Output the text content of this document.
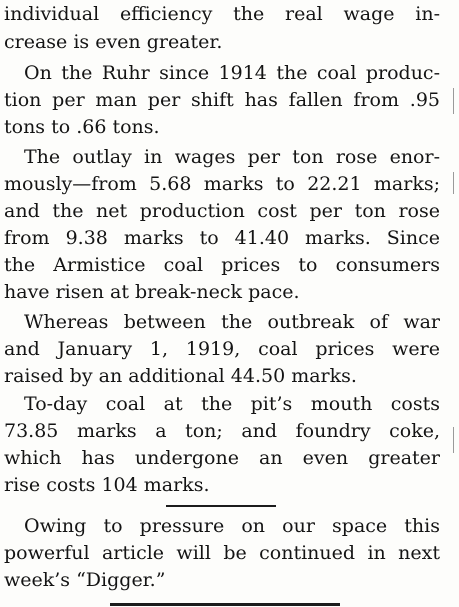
individual efficiency the real wage in-
crease is even greater.
On the Ruhr since 1914 the coal produc-
tion per man per shift has fallen from .95
tons to .66 tons.
The outlay in wages per ton rose enor-
mously—from 5.68 marks to 22.21 marks;
and the net production cost per ton rose
from 9.38 marks to 41.40 marks. Since
the Armistice coal prices to consumers
have risen at break-neck pace.
Whereas between the outbreak of war
and January 1, 1919, coal prices were
raised by an additional 44.50 marks.
To-day coal at the pit’s mouth costs
73.85 marks a ton; and foundry coke,
which has undergone an even greater
rise costs 104 marks.
Owing to pressure on our space this
powerful article will be continued in next
week’s “Digger.”
